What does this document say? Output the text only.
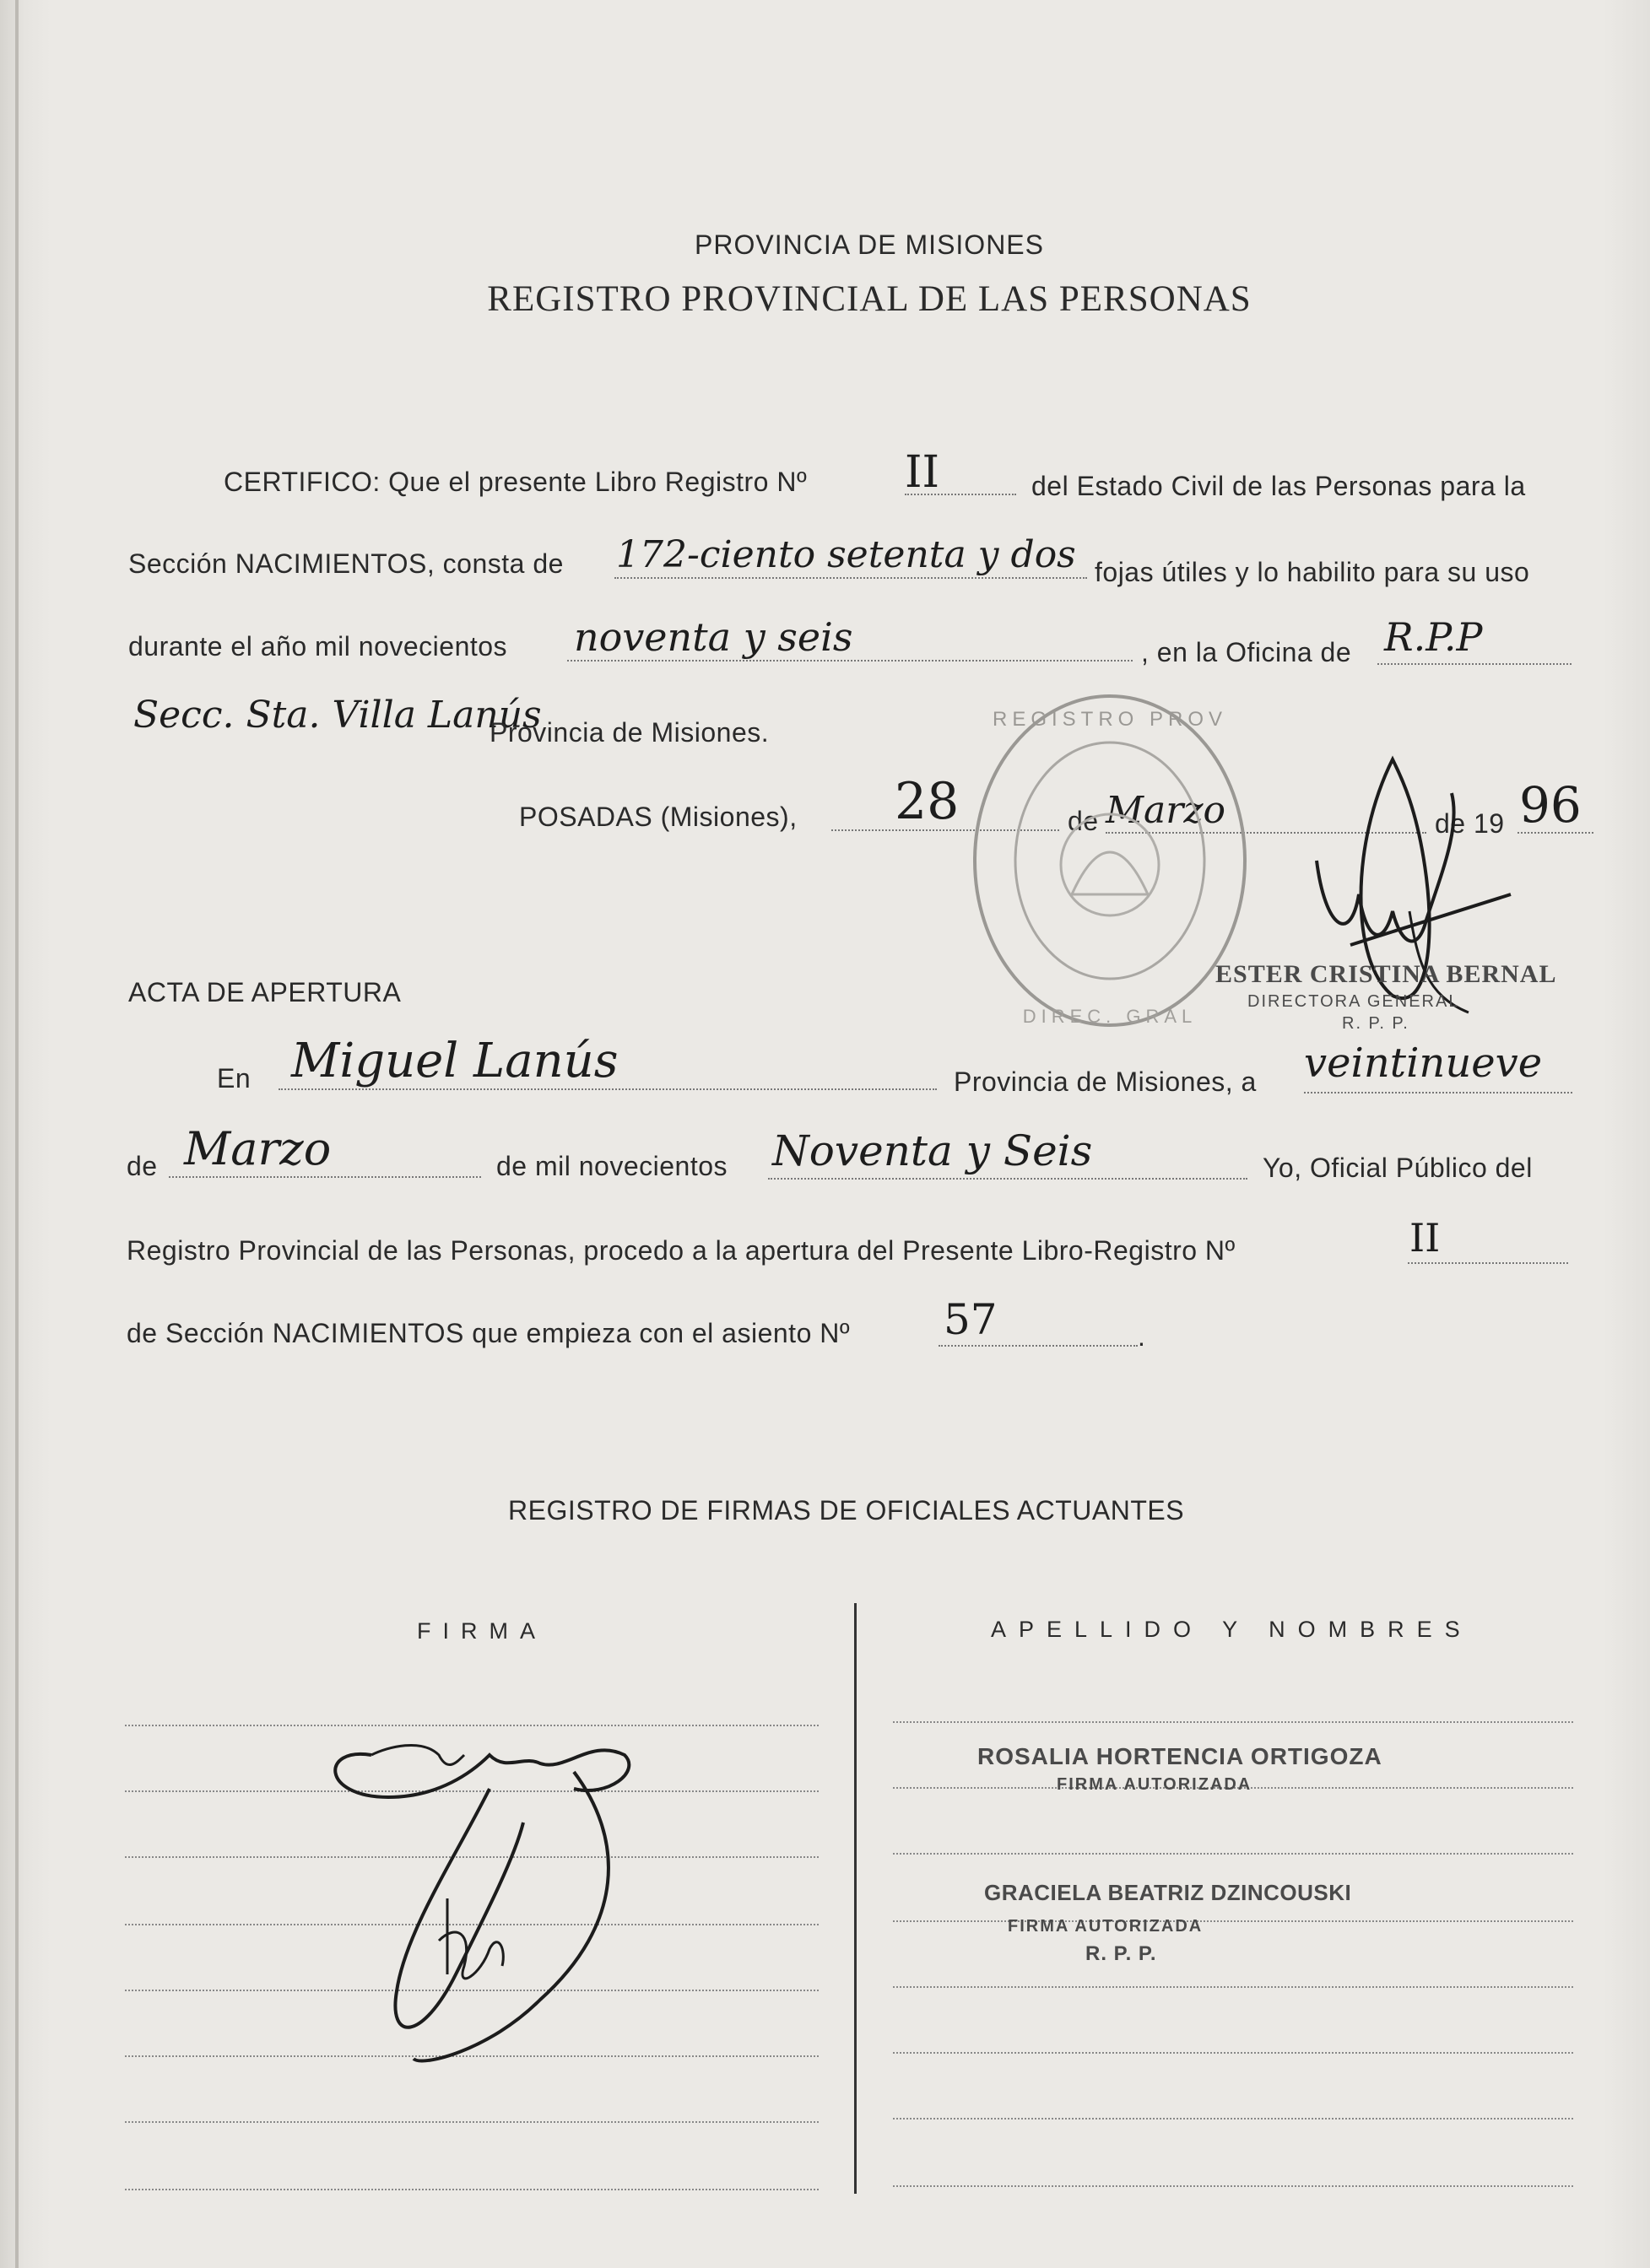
PROVINCIA DE MISIONES
REGISTRO PROVINCIAL DE LAS PERSONAS
CERTIFICO: Que el presente Libro Registro Nº II	del Estado Civil de las Personas para la
Sección NACIMIENTOS, consta de 172-ciento setenta y dos fojas útiles y lo habilito para su uso
durante el año mil novecientos noventa y seis	, en la Oficina de R.P.P
Secc. Sta. Villa Lanús
Provincia de Misiones.
POSADAS (Misiones), 28	de Marzo	de 19 96
REGISTRO PROV
DIREC. GRAL
ESTER CRISTINA BERNAL
DIRECTORA GENERAL
R. P. P.
ACTA DE APERTURA
En Miguel Lanús	Provincia de Misiones, a veintinueve
de Marzo	de mil novecientos Noventa y Seis	Yo, Oficial Público del
Registro Provincial de las Personas, procedo a la apertura del Presente Libro-Registro Nº	II
de Sección NACIMIENTOS que empieza con el asiento Nº 57	.
REGISTRO DE FIRMAS DE OFICIALES ACTUANTES
FIRMA	APELLIDO Y NOMBRES
ROSALIA HORTENCIA ORTIGOZA
FIRMA AUTORIZADA
GRACIELA BEATRIZ DZINCOUSKI
FIRMA AUTORIZADA
R. P. P.
